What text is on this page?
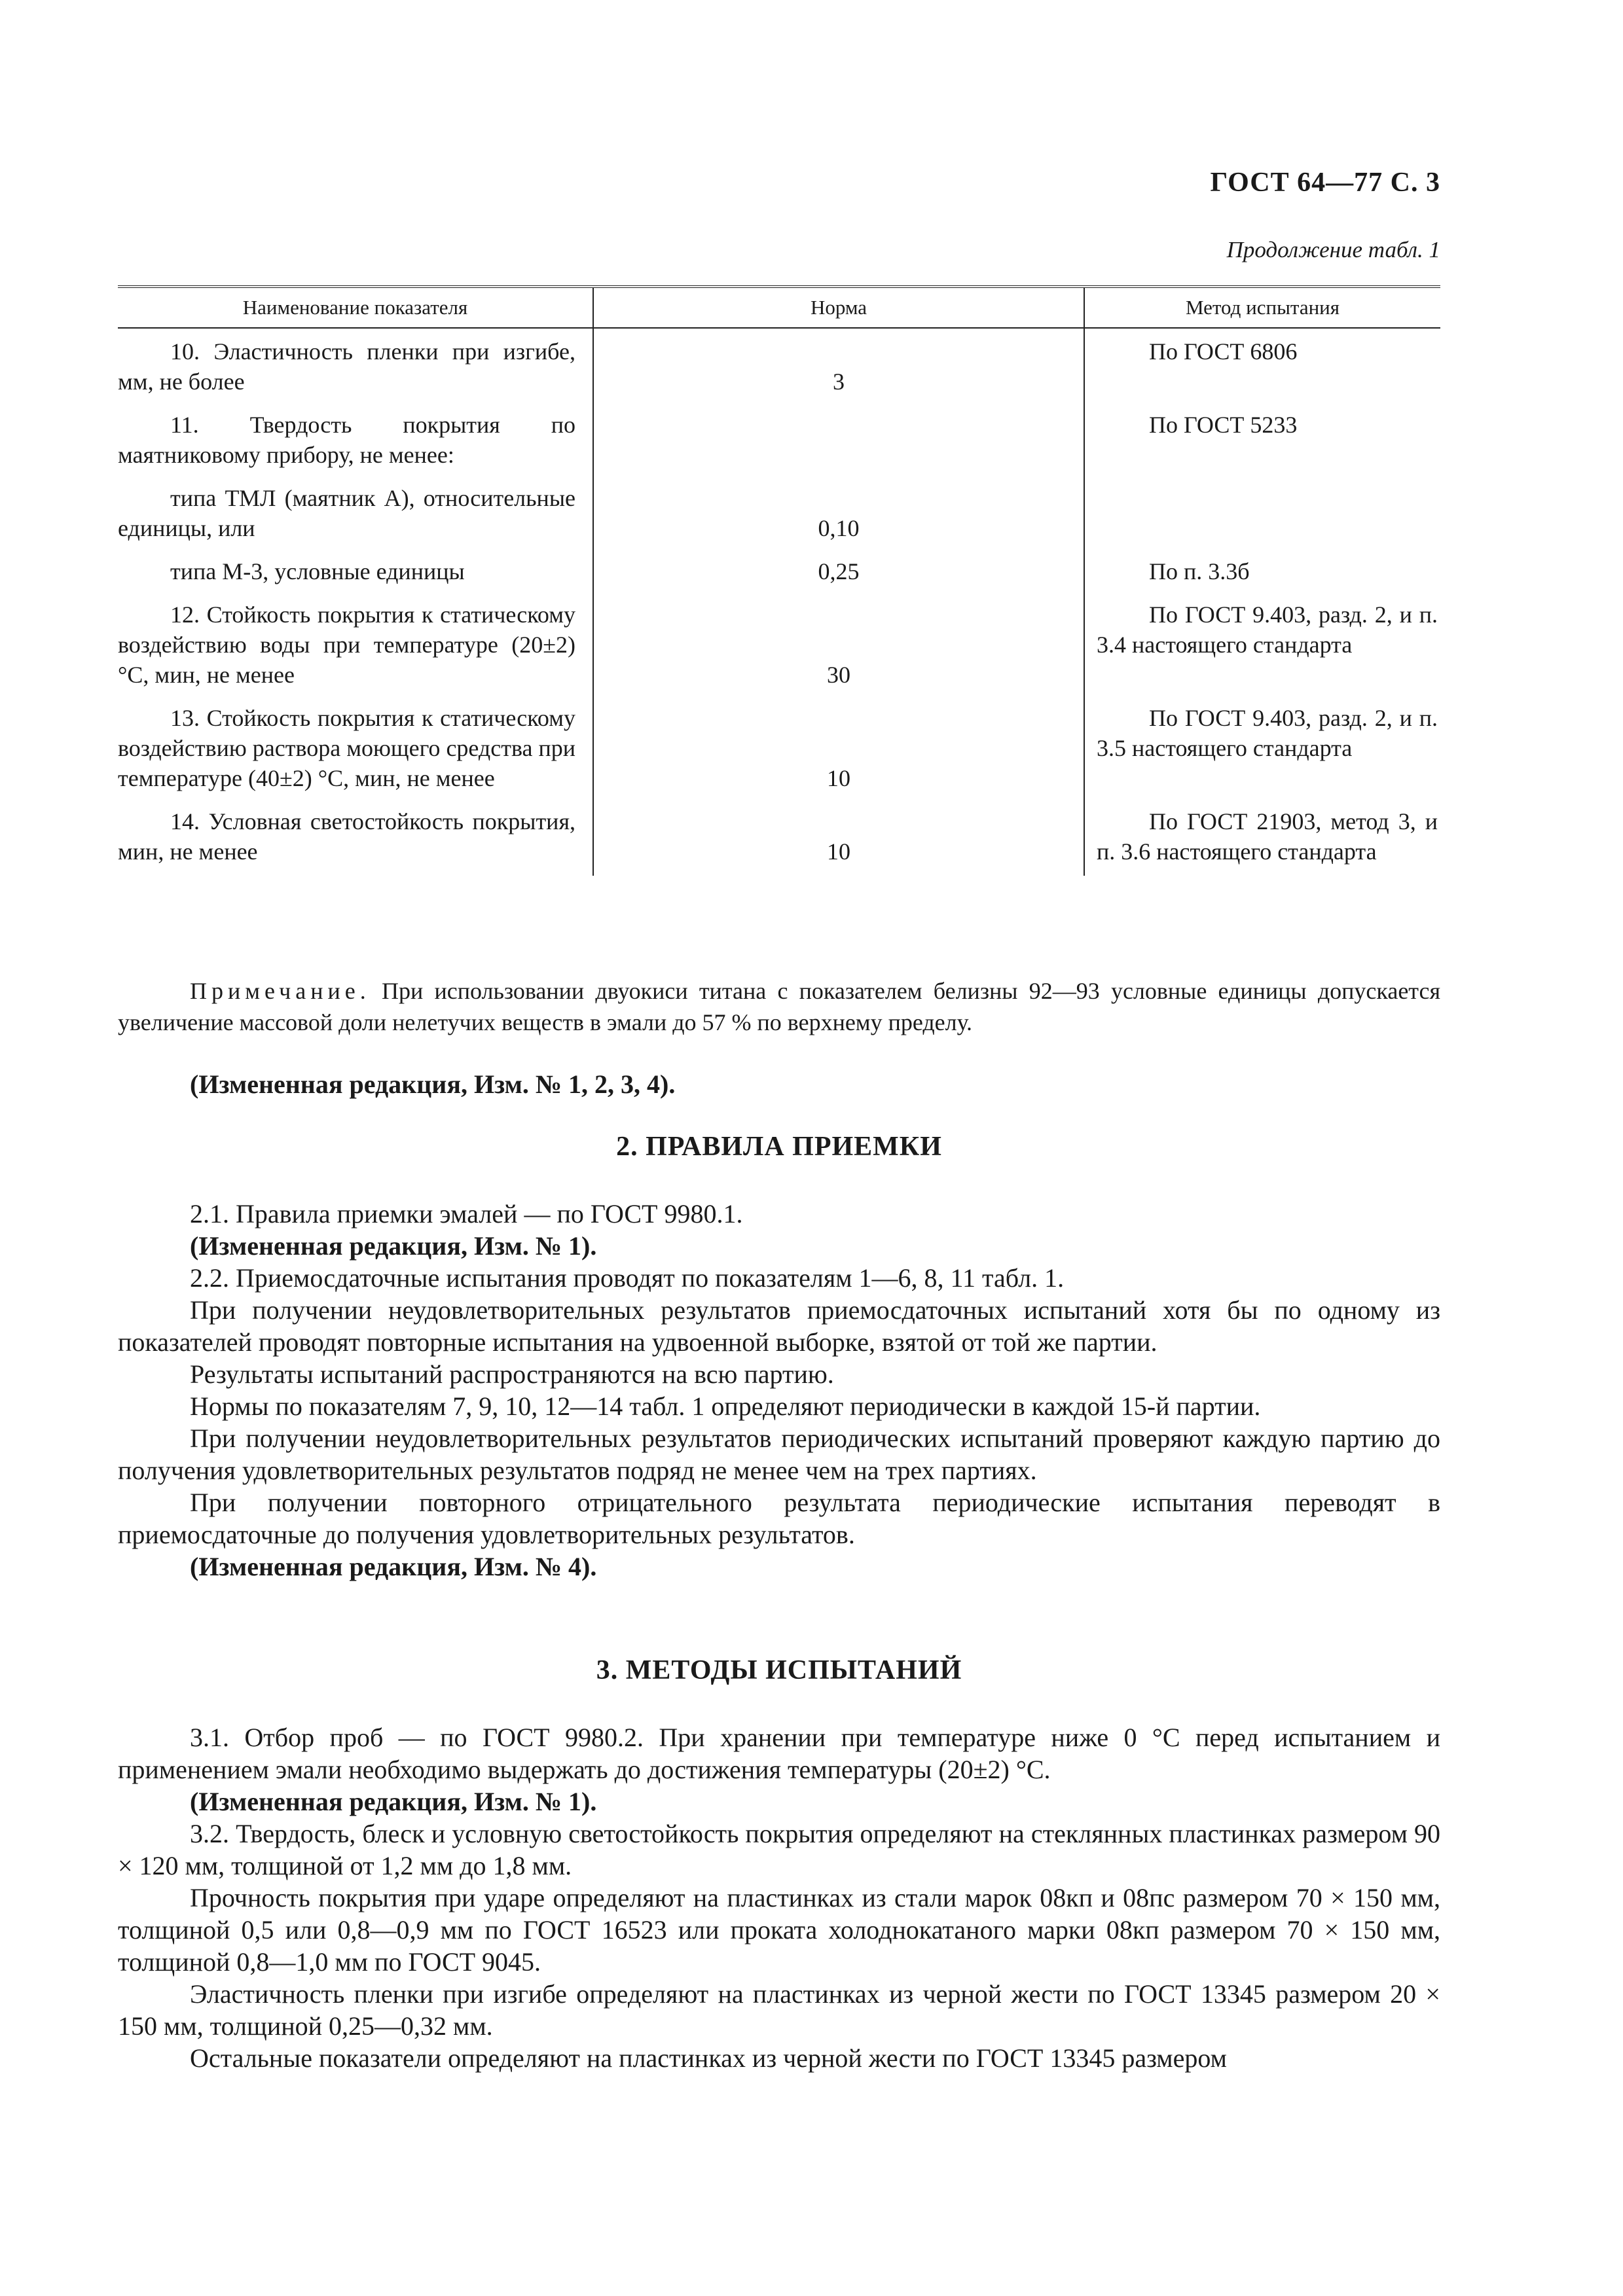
ГОСТ 64—77 С. 3
Продолжение табл. 1
Наименование показателя	Норма	Метод испытания

10. Эластичность пленки при изгибе, мм, не более	3	По ГОСТ 6806

11. Твердость покрытия по маятниковому прибору, не менее:		По ГОСТ 5233

типа ТМЛ (маятник А), относительные единицы, или	0,10	

типа М-3, условные единицы	0,25	По п. 3.3б

12. Стойкость покрытия к статическому воздействию воды при температуре (20±2) °С, мин, не менее	30	По ГОСТ 9.403, разд. 2, и п. 3.4 настоящего стандарта

13. Стойкость покрытия к статическому воздействию раствора моющего средства при температуре (40±2) °С, мин, не менее	10	По ГОСТ 9.403, разд. 2, и п. 3.5 настоящего стандарта

14. Условная светостойкость покрытия, мин, не менее	10	По ГОСТ 21903, метод 3, и п. 3.6 настоящего стандарта

Примечание. При использовании двуокиси титана с показателем белизны 92—93 условные единицы допускается увеличение массовой доли нелетучих веществ в эмали до 57 % по верхнему пределу.

(Измененная редакция, Изм. № 1, 2, 3, 4).

2. ПРАВИЛА ПРИЕМКИ

2.1. Правила приемки эмалей — по ГОСТ 9980.1.

(Измененная редакция, Изм. № 1).

2.2. Приемосдаточные испытания проводят по показателям 1—6, 8, 11 табл. 1.

При получении неудовлетворительных результатов приемосдаточных испытаний хотя бы по одному из показателей проводят повторные испытания на удвоенной выборке, взятой от той же партии.

Результаты испытаний распространяются на всю партию.

Нормы по показателям 7, 9, 10, 12—14 табл. 1 определяют периодически в каждой 15-й партии.

При получении неудовлетворительных результатов периодических испытаний проверяют каждую партию до получения удовлетворительных результатов подряд не менее чем на трех партиях.

При получении повторного отрицательного результата периодические испытания переводят в приемосдаточные до получения удовлетворительных результатов.

(Измененная редакция, Изм. № 4).

3. МЕТОДЫ ИСПЫТАНИЙ

3.1. Отбор проб — по ГОСТ 9980.2. При хранении при температуре ниже 0 °С перед испытанием и применением эмали необходимо выдержать до достижения температуры (20±2) °С.

(Измененная редакция, Изм. № 1).

3.2. Твердость, блеск и условную светостойкость покрытия определяют на стеклянных пластинках размером 90 × 120 мм, толщиной от 1,2 мм до 1,8 мм.

Прочность покрытия при ударе определяют на пластинках из стали марок 08кп и 08пс размером 70 × 150 мм, толщиной 0,5 или 0,8—0,9 мм по ГОСТ 16523 или проката холоднокатаного марки 08кп размером 70 × 150 мм, толщиной 0,8—1,0 мм по ГОСТ 9045.

Эластичность пленки при изгибе определяют на пластинках из черной жести по ГОСТ 13345 размером 20 × 150 мм, толщиной 0,25—0,32 мм.

Остальные показатели определяют на пластинках из черной жести по ГОСТ 13345 размером
